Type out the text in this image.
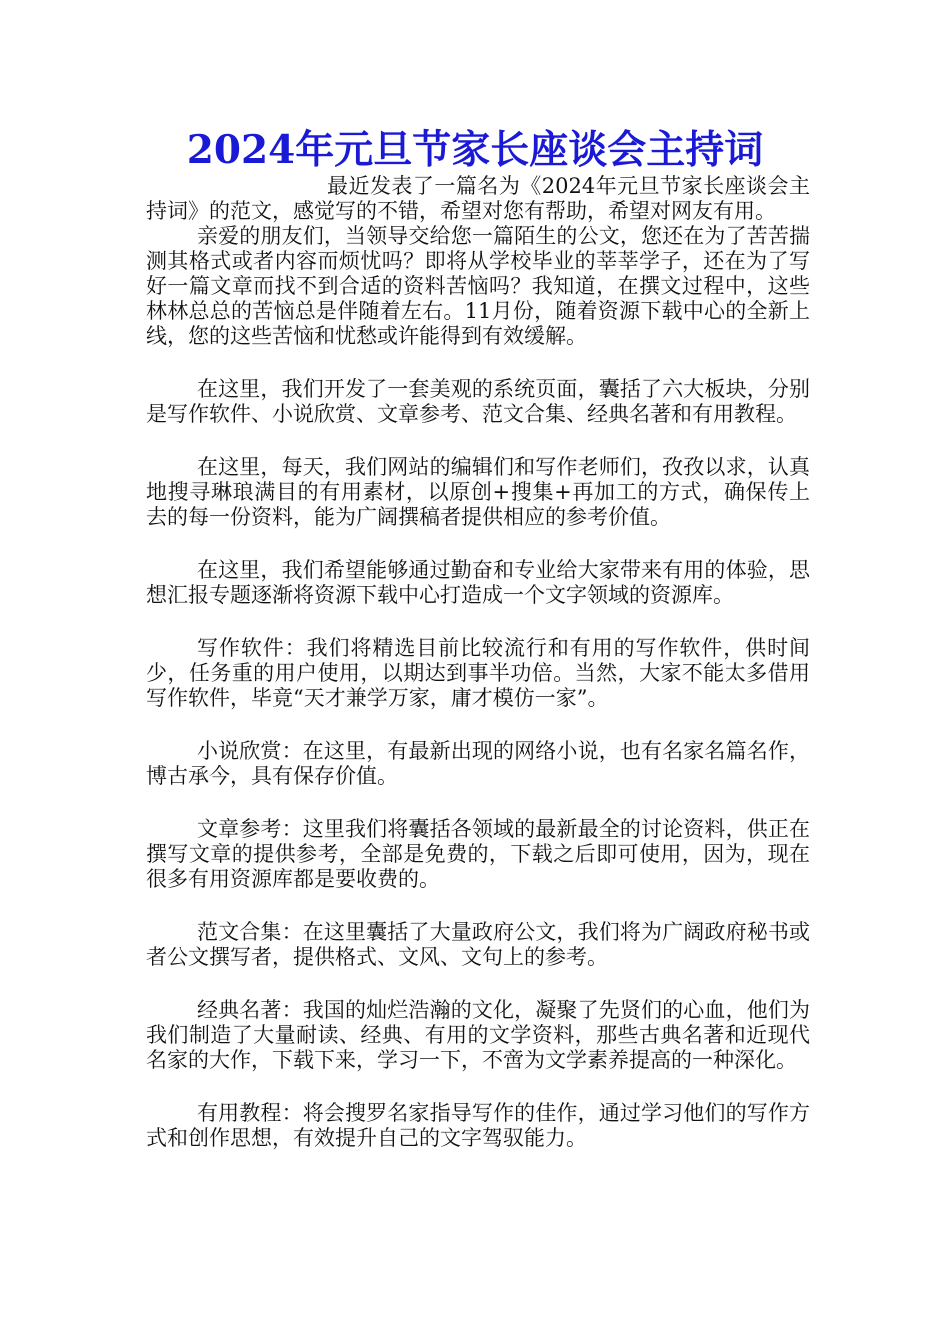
2024年元旦节家长座谈会主持词

最近发表了一篇名为《2024年元旦节家长座谈会主持词》的范文，感觉写的不错，希望对您有帮助，希望对网友有用。

亲爱的朋友们，当领导交给您一篇陌生的公文，您还在为了苦苦揣测其格式或者内容而烦忧吗？即将从学校毕业的莘莘学子，还在为了写好一篇文章而找不到合适的资料苦恼吗？我知道，在撰文过程中，这些林林总总的苦恼总是伴随着左右。11月份，随着资源下载中心的全新上线，您的这些苦恼和忧愁或许能得到有效缓解。

在这里，我们开发了一套美观的系统页面，囊括了六大板块，分别是写作软件、小说欣赏、文章参考、范文合集、经典名著和有用教程。

在这里，每天，我们网站的编辑们和写作老师们，孜孜以求，认真地搜寻琳琅满目的有用素材，以原创+搜集+再加工的方式，确保传上去的每一份资料，能为广阔撰稿者提供相应的参考价值。

在这里，我们希望能够通过勤奋和专业给大家带来有用的体验，思想汇报专题逐渐将资源下载中心打造成一个文字领域的资源库。

写作软件：我们将精选目前比较流行和有用的写作软件，供时间少，任务重的用户使用，以期达到事半功倍。当然，大家不能太多借用写作软件，毕竟“天才兼学万家，庸才模仿一家”。

小说欣赏：在这里，有最新出现的网络小说，也有名家名篇名作，博古承今，具有保存价值。

文章参考：这里我们将囊括各领域的最新最全的讨论资料，供正在撰写文章的提供参考，全部是免费的，下载之后即可使用，因为，现在很多有用资源库都是要收费的。

范文合集：在这里囊括了大量政府公文，我们将为广阔政府秘书或者公文撰写者，提供格式、文风、文句上的参考。

经典名著：我国的灿烂浩瀚的文化，凝聚了先贤们的心血，他们为我们制造了大量耐读、经典、有用的文学资料，那些古典名著和近现代名家的大作，下载下来，学习一下，不啻为文学素养提高的一种深化。

有用教程：将会搜罗名家指导写作的佳作，通过学习他们的写作方式和创作思想，有效提升自己的文字驾驭能力。
